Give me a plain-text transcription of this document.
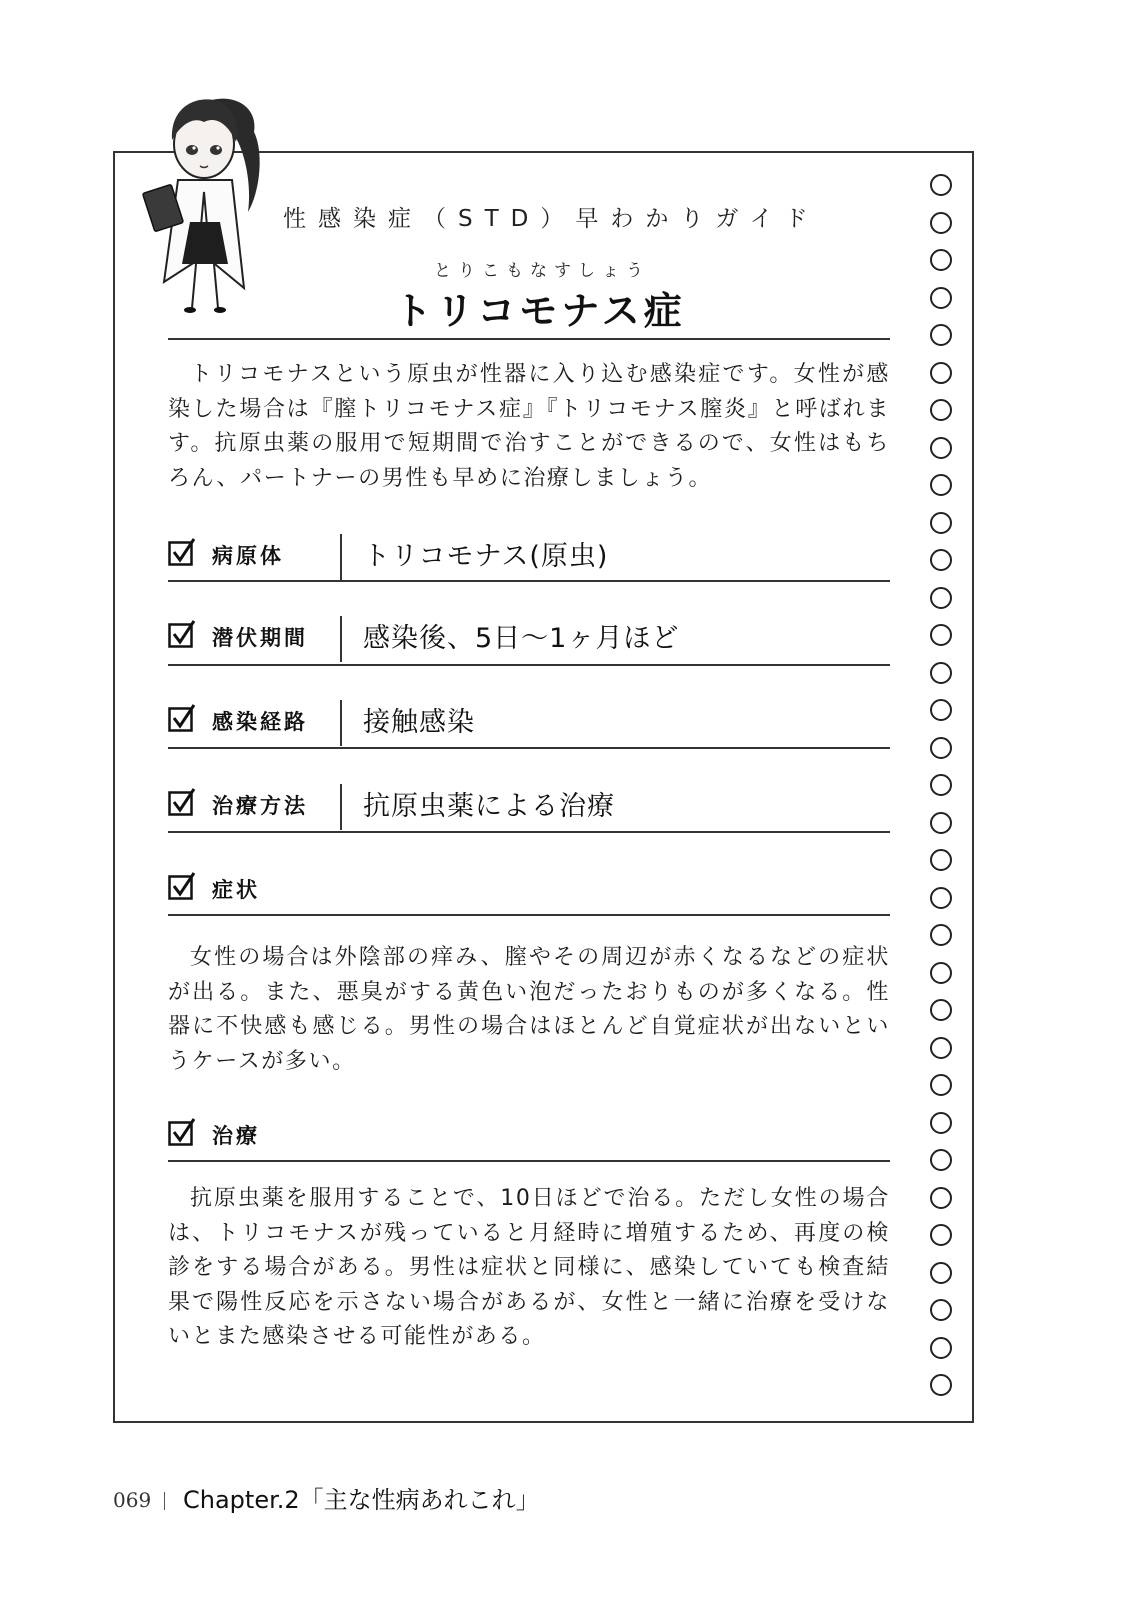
性感染症（STD）早わかりガイド
とりこもなすしょう
トリコモナス症

トリコモナスという原虫が性器に入り込む感染症です。女性が感染した場合は『膣トリコモナス症』『トリコモナス膣炎』と呼ばれます。抗原虫薬の服用で短期間で治すことができるので、女性はもちろん、パートナーの男性も早めに治療しましょう。

病原体	トリコモナス(原虫)
潜伏期間 感染後、5日〜1ヶ月ほど
感染経路 接触感染
治療方法 抗原虫薬による治療
症状

女性の場合は外陰部の痒み、膣やその周辺が赤くなるなどの症状が出る。また、悪臭がする黄色い泡だったおりものが多くなる。性器に不快感も感じる。男性の場合はほとんど自覚症状が出ないというケースが多い。

治療

抗原虫薬を服用することで、10日ほどで治る。ただし女性の場合は、トリコモナスが残っていると月経時に増殖するため、再度の検診をする場合がある。男性は症状と同様に、感染していても検査結果で陽性反応を示さない場合があるが、女性と一緒に治療を受けないとまた感染させる可能性がある。

069 Chapter.2「主な性病あれこれ」
